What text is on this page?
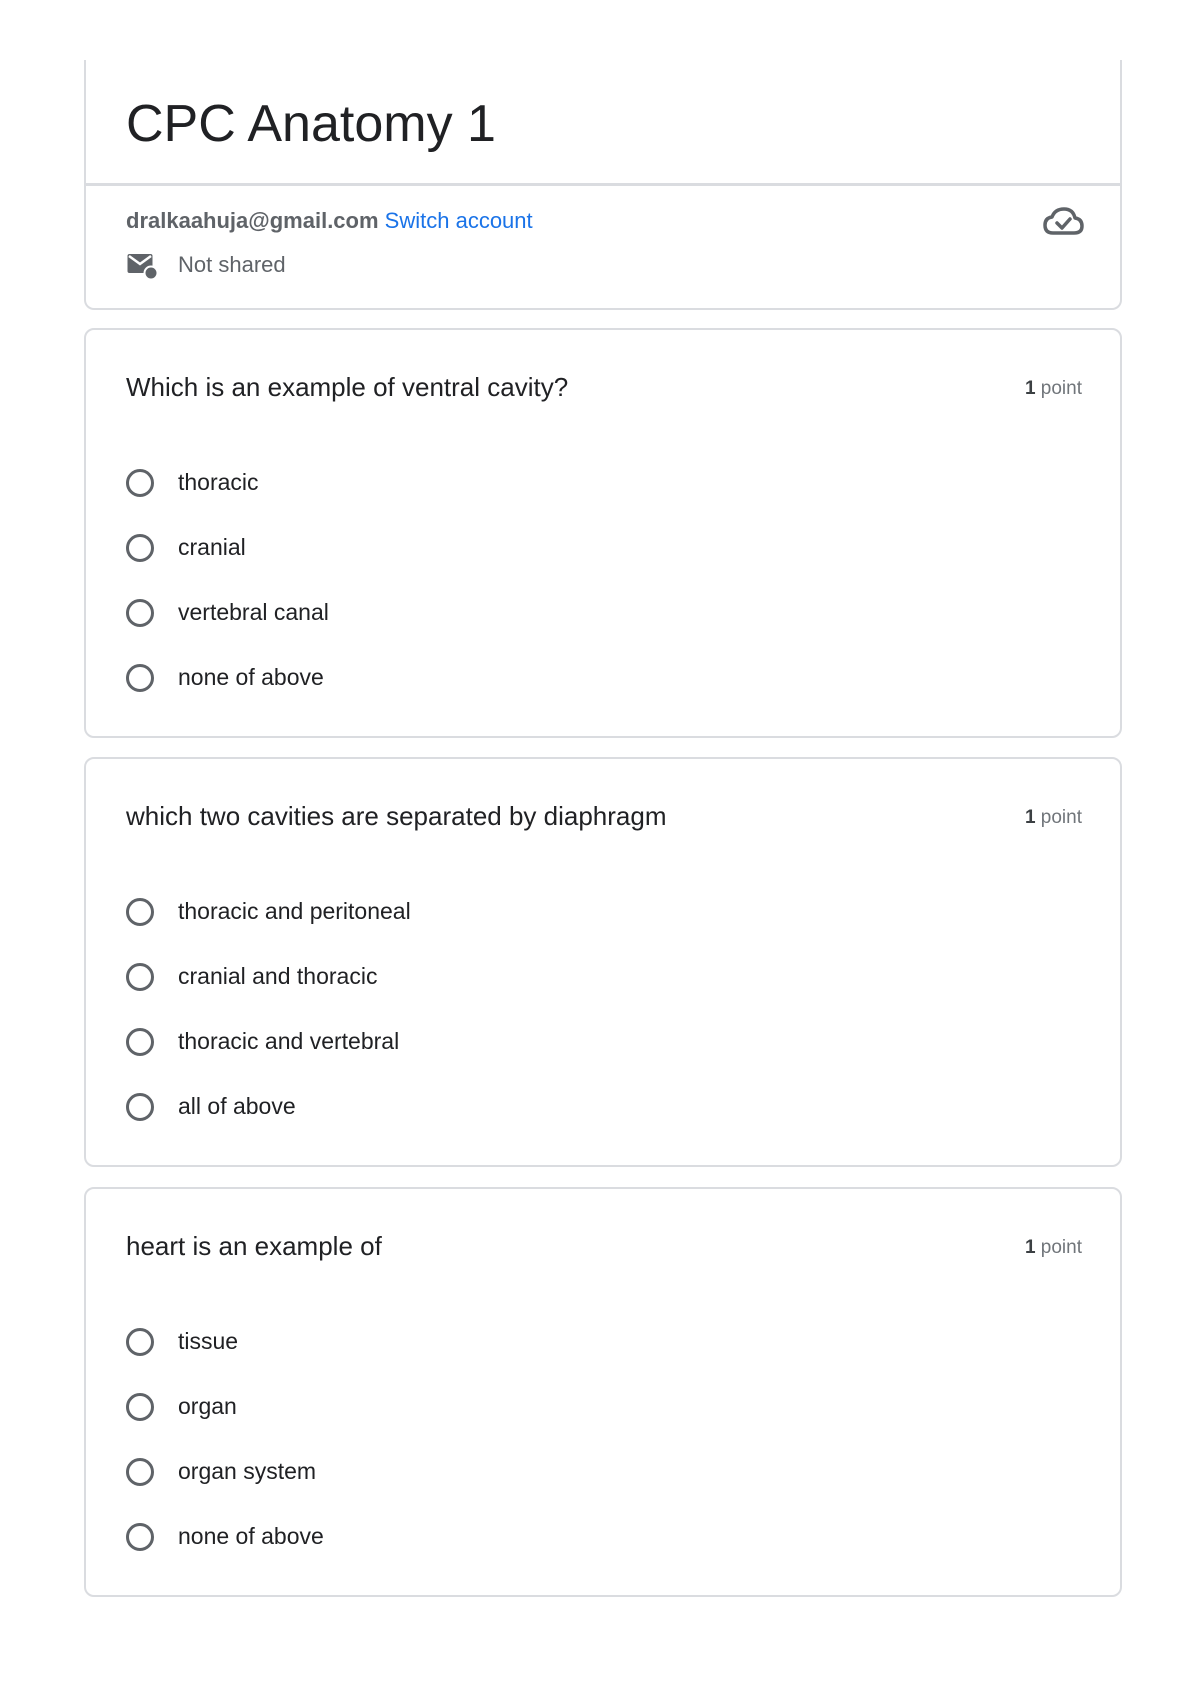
CPC Anatomy 1
dralkaahuja@gmail.com Switch account
Not shared
Which is an example of ventral cavity?	1 point
thoracic
cranial
vertebral canal
none of above
which two cavities are separated by diaphragm	1 point
thoracic and peritoneal
cranial and thoracic
thoracic and vertebral
all of above
heart is an example of	1 point
tissue
organ
organ system
none of above
